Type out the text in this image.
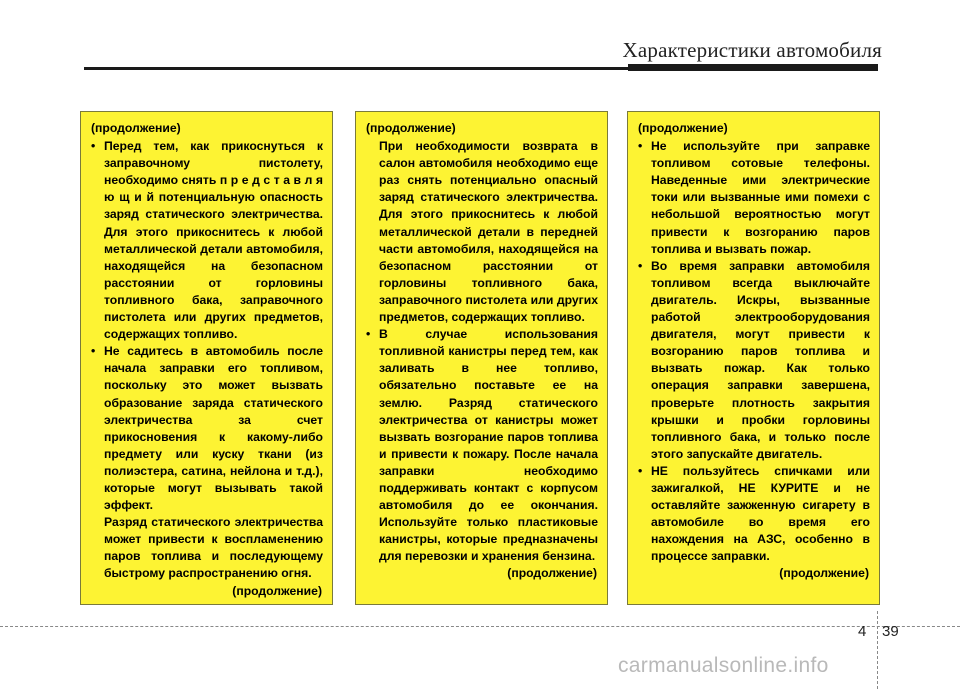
Характеристики автомобиля

(продолжение)

• Перед тем, как прикоснуться к заправочному пистолету, необходимо снять п р е д с т а в л я ю щ и й потенциальную опасность заряд статического электричества. Для этого прикоснитесь к любой металлической детали автомобиля, находящейся на безопасном расстоянии от горловины топливного бака, заправочного пистолета или других предметов, содержащих топливо.

• Не садитесь в автомобиль после начала заправки его топливом, поскольку это может вызвать образование заряда статического электричества за счет прикосновения к какому-либо предмету или куску ткани (из полиэстера, сатина, нейлона и т.д.), которые могут вызывать такой эффект.

Разряд статического электричества может привести к воспламенению паров топлива и последующему быстрому распространению огня.

(продолжение)

(продолжение)

При необходимости возврата в салон автомобиля необходимо еще раз снять потенциально опасный заряд статического электричества. Для этого прикоснитесь к любой металлической детали в передней части автомобиля, находящейся на безопасном расстоянии от горловины топливного бака, заправочного пистолета или других предметов, содержащих топливо.

• В случае использования топливной канистры перед тем, как заливать в нее топливо, обязательно поставьте ее на землю. Разряд статического электричества от канистры может вызвать возгорание паров топлива и привести к пожару. После начала заправки необходимо поддерживать контакт с корпусом автомобиля до ее окончания. Используйте только пластиковые канистры, которые предназначены для перевозки и хранения бензина.

(продолжение)

(продолжение)

• Не используйте при заправке топливом сотовые телефоны. Наведенные ими электрические токи или вызванные ими помехи с небольшой вероятностью могут привести к возгоранию паров топлива и вызвать пожар.

• Во время заправки автомобиля топливом всегда выключайте двигатель. Искры, вызванные работой электрооборудования двигателя, могут привести к возгоранию паров топлива и вызвать пожар. Как только операция заправки завершена, проверьте плотность закрытия крышки и пробки горловины топливного бака, и только после этого запускайте двигатель.

• НЕ пользуйтесь спичками или зажигалкой, НЕ КУРИТЕ и не оставляйте зажженную сигарету в автомобиле во время его нахождения на АЗС, особенно в процессе заправки.

(продолжение)

4 39
carmanualsonline.info
